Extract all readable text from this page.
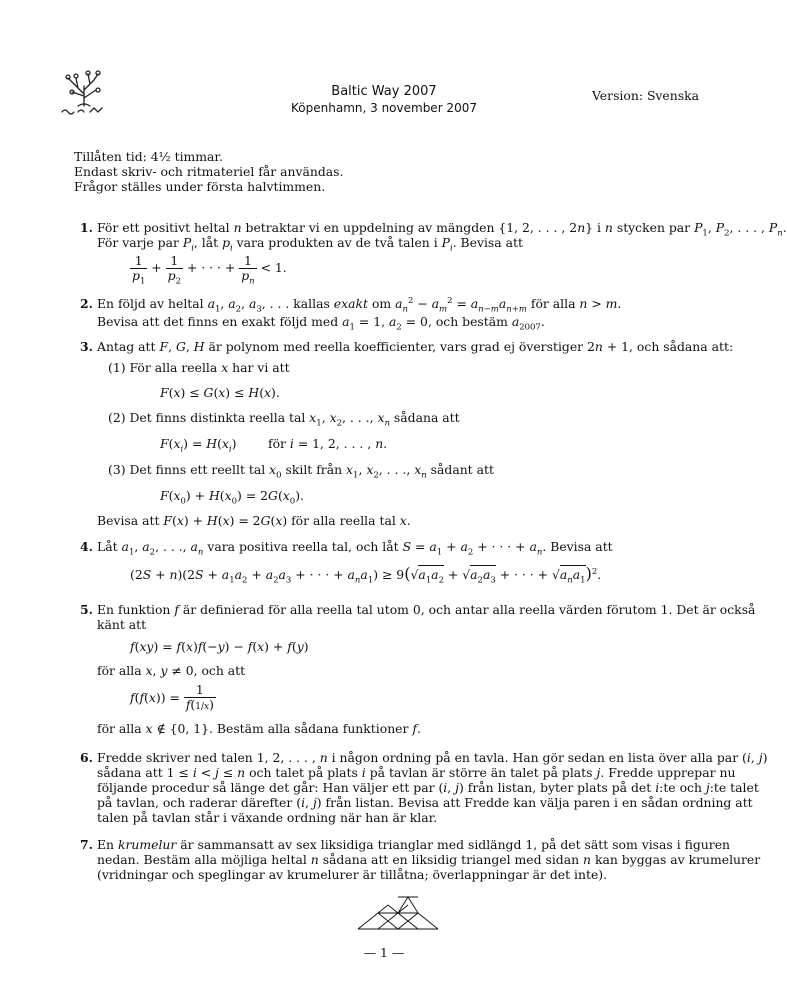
Baltic Way 2007
Köpenhamn, 3 november 2007
Version: Svenska
Tillåten tid: 4½ timmar.
Endast skriv- och ritmateriel får användas.
Frågor ställes under första halvtimmen.
1. För ett positivt heltal n betraktar vi en uppdelning av mängden {1, 2, . . . , 2n} i n stycken par $P_1$, $P_2$, . . . , $P_n$.
För varje par $P_i$, låt $p_i$ vara produkten av de två talen i $P_i$. Bevisa att
$\frac{1}{p_1} + \frac{1}{p_2}$ + · · · + $\frac{1}{p_n} < 1$.
2. En följd av heltal $a_1$, $a_2$, $a_3$, . . . kallas exakt om $a_n^2 - a_m^2 = a_{n-m}a_{n+m}$ för alla n > m.
Bevisa att det finns en exakt följd med $a_1 = 1$, $a_2 = 0$, och bestäm $a_{2007}$.
3. Antag att F, G, H är polynom med reella koefficienter, vars grad ej överstiger 2n + 1, och sådana att:
(1) För alla reella x har vi att
F(x) ≤ G(x) ≤ H(x).
(2) Det finns distinkta reella tal $x_1$, $x_2$, . . ., $x_n$ sådana att
$F(x_i) = H(x_i)$	för i = 1, 2, . . . , n.
(3) Det finns ett reellt tal $x_0$ skilt från $x_1$, $x_2$, . . ., $x_n$ sådant att
$F(x_0) + H(x_0) = 2G(x_0)$.
Bevisa att F(x) + H(x) = 2G(x) för alla reella tal x.
4. Låt $a_1$, $a_2$, . . ., $a_n$ vara positiva reella tal, och låt $S = a_1 + a_2$ + · · · + $a_n$. Bevisa att
$(2S + n)(2S + a_1a_2 + a_2a_3$ + · · · + $a_na_1) \ge 9(√a_1a_2 + √a_2a_3$ + · · · + $√a_na_1)^2$.
5. En funktion f är definierad för alla reella tal utom 0, och antar alla reella värden förutom 1. Det är också
känt att
f(xy) = f(x)f(−y) − f(x) + f(y)
för alla x, y ≠ 0, och att
$f(f(x)) = \frac{1}{f(1/x)}$
för alla x ∉ {0, 1}. Bestäm alla sådana funktioner f.
6. Fredde skriver ned talen 1, 2, . . . , n i någon ordning på en tavla. Han gör sedan en lista över alla par (i, j)
sådana att 1 ≤ i < j ≤ n och talet på plats i på tavlan är större än talet på plats j. Fredde upprepar nu
följande procedur så länge det går: Han väljer ett par (i, j) från listan, byter plats på det i:te och j:te talet
på tavlan, och raderar därefter (i, j) från listan. Bevisa att Fredde kan välja paren i en sådan ordning att
talen på tavlan står i växande ordning när han är klar.
7. En krumelur är sammansatt av sex liksidiga trianglar med sidlängd 1, på det sätt som visas i figuren
nedan. Bestäm alla möjliga heltal n sådana att en liksidig triangel med sidan n kan byggas av krumelurer
(vridningar och speglingar av krumelurer är tillåtna; överlappningar är det inte).
— 1 —
